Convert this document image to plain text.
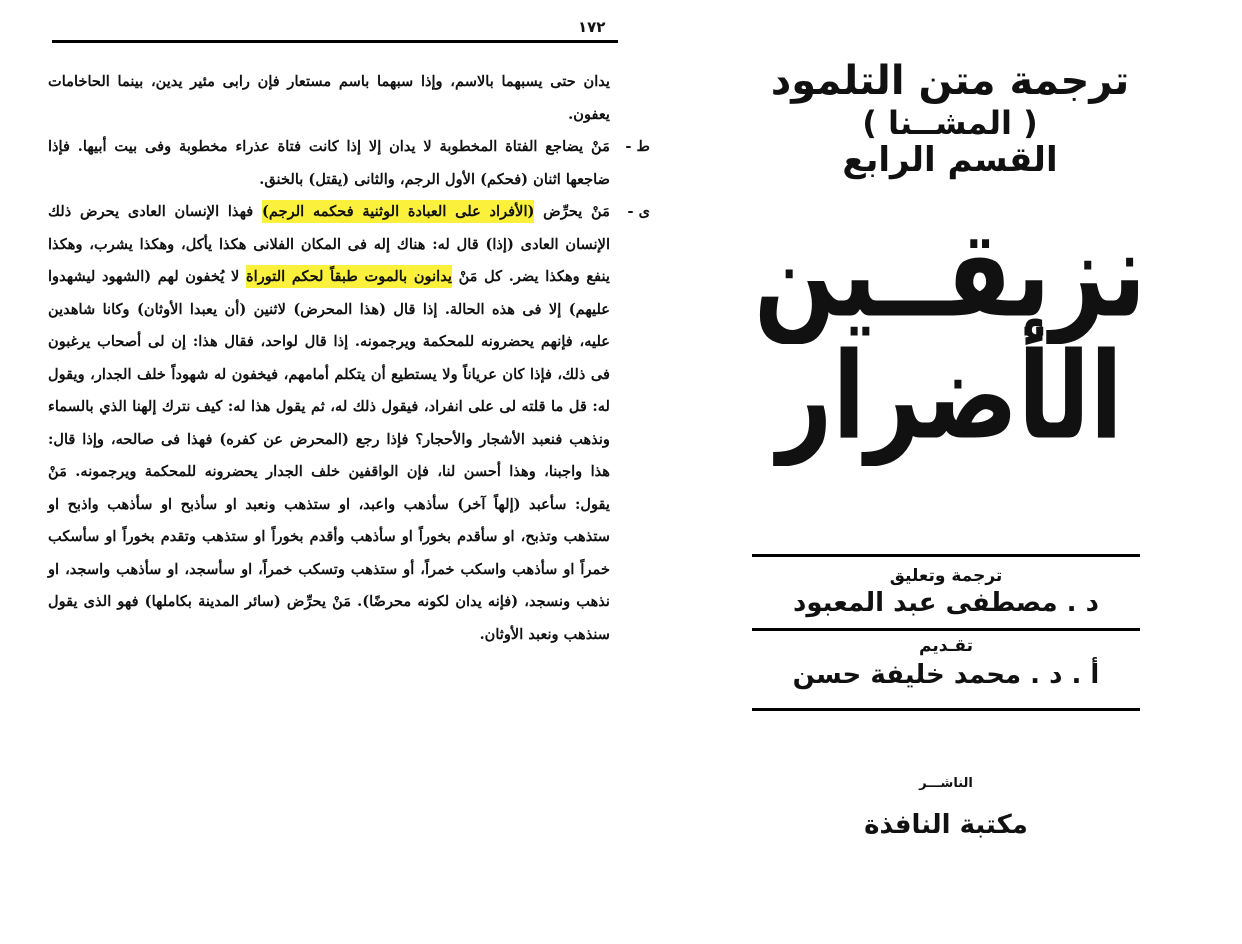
١٧٢

يدان حتى يسبهما بالاسم، وإذا سبهما باسم مستعار فإن رابى مئير يدين، بينما الحاخامات يعفون.

ط -
مَنْ يضاجع الفتاة المخطوبة لا يدان إلا إذا كانت فتاة عذراء مخطوبة وفى بيت أبيها. فإذا ضاجعها اثنان (فحكم) الأول الرجم، والثانى (يقتل) بالخنق.

ى -
مَنْ يحرِّض (الأفراد على العبادة الوثنية فحكمه الرجم) فهذا الإنسان العادى يحرض ذلك الإنسان العادى (إذا) قال له: هناك إله فى المكان الفلانى هكذا يأكل، وهكذا يشرب، وهكذا ينفع وهكذا يضر. كل مَنْ يدانون بالموت طبقاً لحكم التوراة لا يُخفون لهم (الشهود ليشهدوا عليهم) إلا فى هذه الحالة. إذا قال (هذا المحرض) لاثنين (أن يعبدا الأوثان) وكانا شاهدين عليه، فإنهم يحضرونه للمحكمة ويرجمونه. إذا قال لواحد، فقال هذا: إن لى أصحاب يرغبون فى ذلك، فإذا كان عرياناً ولا يستطيع أن يتكلم أمامهم، فيخفون له شهوداً خلف الجدار، ويقول له: قل ما قلته لى على انفراد، فيقول ذلك له، ثم يقول هذا له: كيف نترك إلهنا الذي بالسماء ونذهب فنعبد الأشجار والأحجار؟ فإذا رجع (المحرض عن كفره) فهذا فى صالحه، وإذا قال: هذا واجبنا، وهذا أحسن لنا، فإن الواقفين خلف الجدار يحضرونه للمحكمة ويرجمونه. مَنْ يقول: سأعبد (إلهاً آخر) سأذهب واعبد، او ستذهب ونعبد او سأذبح او سأذهب واذبح او ستذهب وتذبح، او سأقدم بخوراً او سأذهب وأقدم بخوراً او ستذهب وتقدم بخوراً او سأسكب خمراً او سأذهب واسكب خمراً، أو ستذهب وتسكب خمراً، او سأسجد، او سأذهب واسجد، او نذهب ونسجد، (فإنه يدان لكونه محرضًا). مَنْ يحرِّض (سائر المدينة بكاملها) فهو الذى يقول سنذهب ونعبد الأوثان.

ترجمة متن التلمود
( المشــنا )
القسم الرابع
نزيقــين
الأضرار
ترجمة وتعليق
د . مصطفى عبد المعبود
تقـديم
أ . د . محمد خليفة حسن
الناشـــر
مكتبة النافذة
